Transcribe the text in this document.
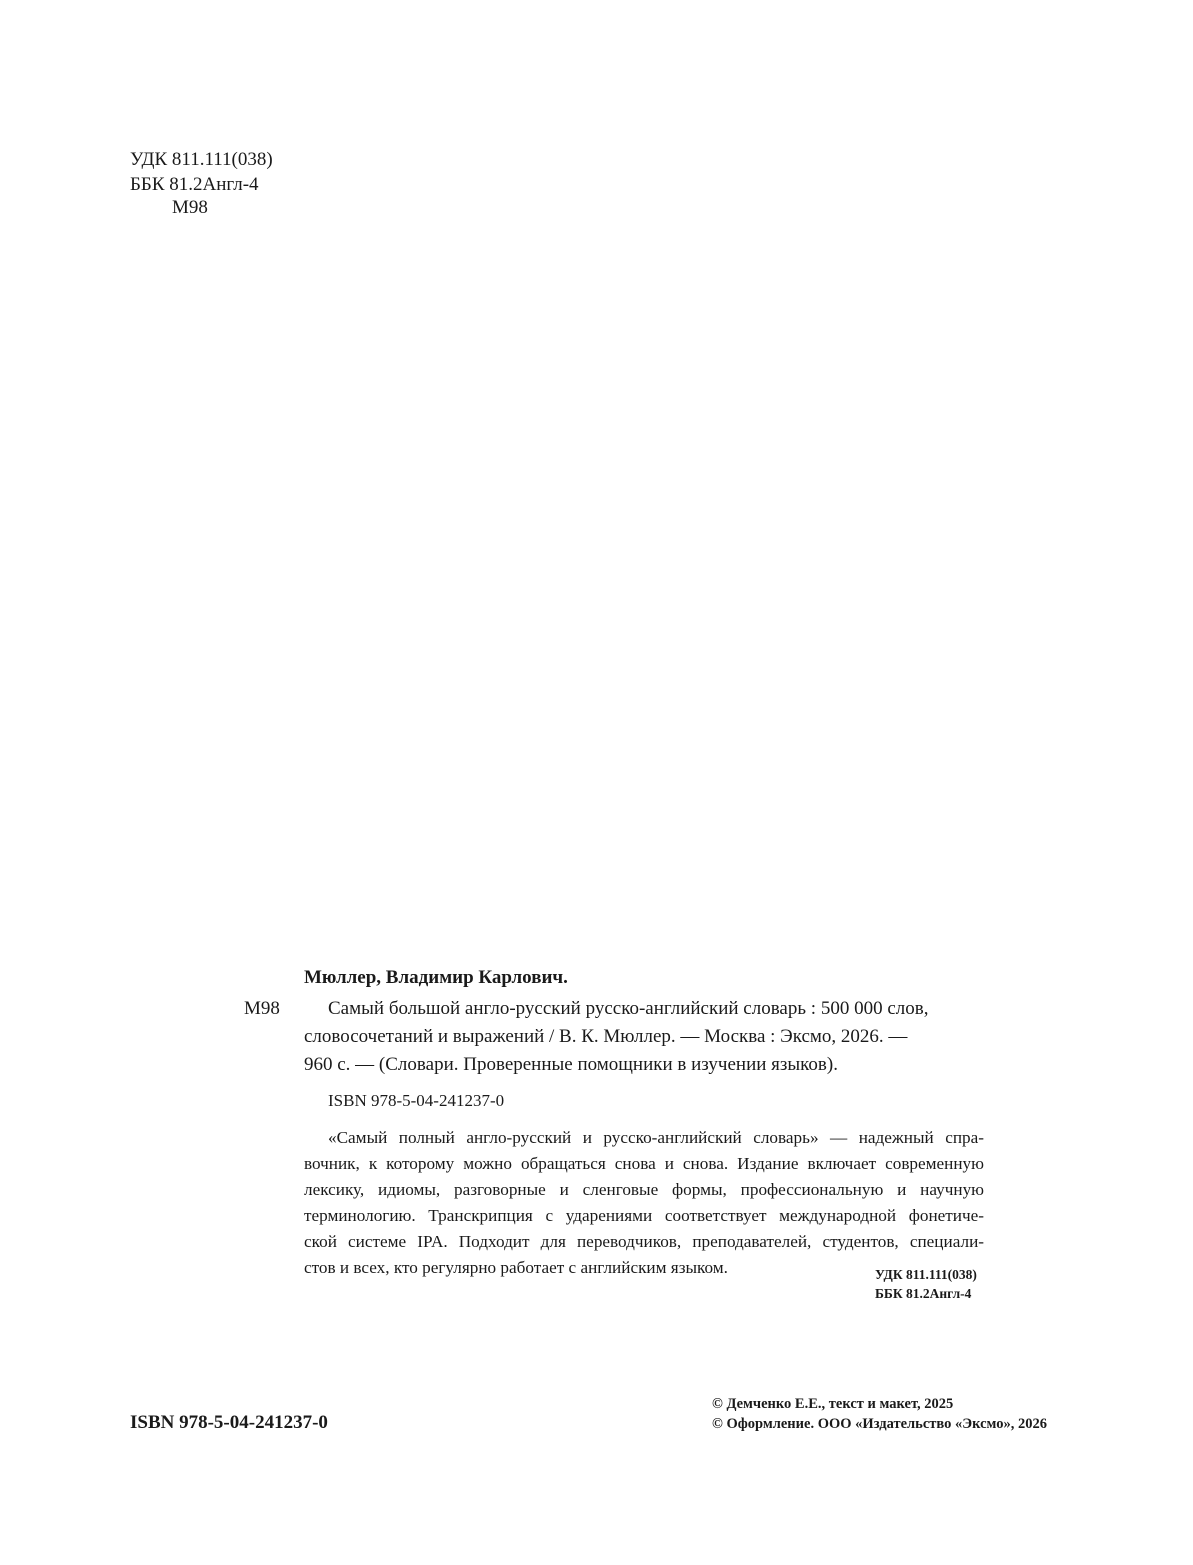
УДК 811.111(038)
ББК 81.2Англ-4
М98
Мюллер, Владимир Карлович.
М98	Самый большой англо-русский русско-английский словарь : 500 000 слов,
словосочетаний и выражений / В. К. Мюллер. — Москва : Эксмо, 2026. —
960 с. — (Словари. Проверенные помощники в изучении языков).
ISBN 978-5-04-241237-0
«Самый полный англо-русский и русско-английский словарь» — надежный спра-
вочник, к которому можно обращаться снова и снова. Издание включает современную
лексику, идиомы, разговорные и сленговые формы, профессиональную и научную
терминологию. Транскрипция с ударениями соответствует международной фонетиче-
ской системе IPA. Подходит для переводчиков, преподавателей, студентов, специали-
стов и всех, кто регулярно работает с английским языком.	УДК 811.111(038)
ББК 81.2Англ-4
ISBN 978-5-04-241237-0
© Демченко Е.Е., текст и макет, 2025
© Оформление. ООО «Издательство «Эксмо», 2026
